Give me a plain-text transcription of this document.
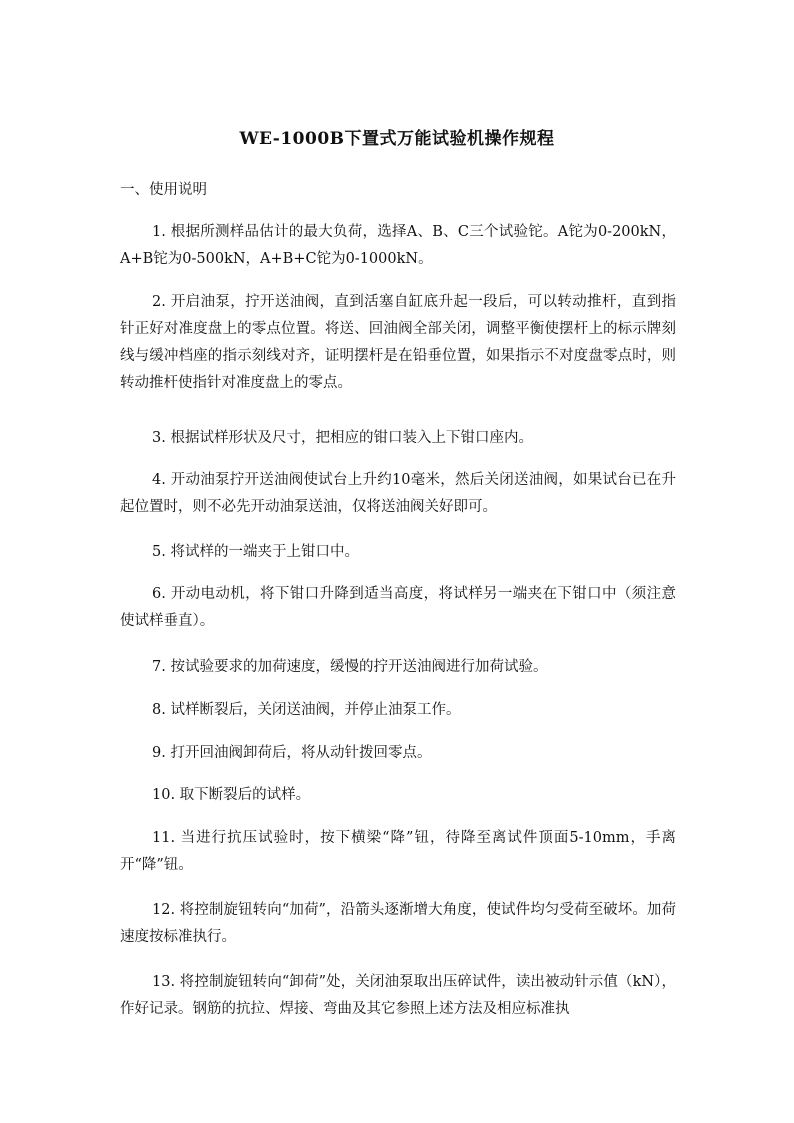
WE-1000B下置式万能试验机操作规程
一、使用说明

1. 根据所测样品估计的最大负荷，选择A、B、C三个试验铊。A铊为0-200kN，A+B铊为0-500kN，A+B+C铊为0-1000kN。

2. 开启油泵，拧开送油阀，直到活塞自缸底升起一段后，可以转动推杆，直到指针正好对准度盘上的零点位置。将送、回油阀全部关闭，调整平衡使摆杆上的标示牌刻线与缓冲档座的指示刻线对齐，证明摆杆是在铅垂位置，如果指示不对度盘零点时，则转动推杆使指针对准度盘上的零点。

3. 根据试样形状及尺寸，把相应的钳口装入上下钳口座内。

4. 开动油泵拧开送油阀使试台上升约10毫米，然后关闭送油阀，如果试台已在升起位置时，则不必先开动油泵送油，仅将送油阀关好即可。

5. 将试样的一端夹于上钳口中。

6. 开动电动机，将下钳口升降到适当高度，将试样另一端夹在下钳口中（须注意使试样垂直）。

7. 按试验要求的加荷速度，缓慢的拧开送油阀进行加荷试验。

8. 试样断裂后，关闭送油阀，并停止油泵工作。

9. 打开回油阀卸荷后，将从动针拨回零点。

10. 取下断裂后的试样。

11. 当进行抗压试验时，按下横梁“降”钮，待降至离试件顶面5-10mm，手离开“降”钮。

12. 将控制旋钮转向“加荷”，沿箭头逐渐增大角度，使试件均匀受荷至破坏。加荷速度按标准执行。

13. 将控制旋钮转向“卸荷”处，关闭油泵取出压碎试件，读出被动针示值（kN），作好记录。钢筋的抗拉、焊接、弯曲及其它参照上述方法及相应标准执
